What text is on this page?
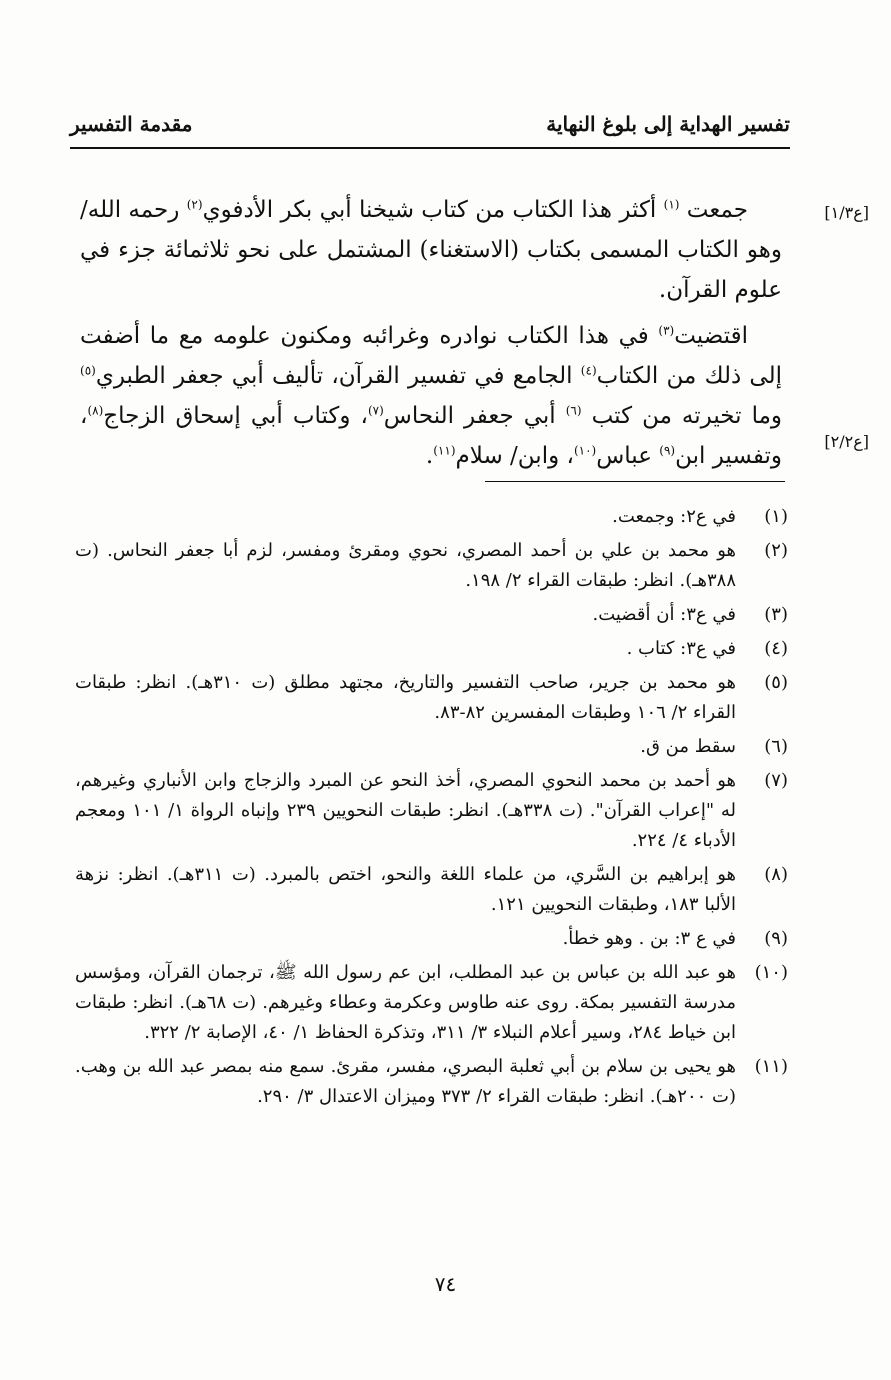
تفسير الهداية إلى بلوغ النهاية
مقدمة التفسير
[ع١/٣]
[ع٢/٢]

جمعت $^{(١)}$ أكثر هذا الكتاب من كتاب شيخنا أبي بكر الأدفوي$^{(٢)}$ رحمه الله/ وهو الكتاب المسمى بكتاب (الاستغناء) المشتمل على نحو ثلاثمائة جزء في علوم القرآن.

اقتضيت$^{(٣)}$ في هذا الكتاب نوادره وغرائبه ومكنون علومه مع ما أضفت إلى ذلك من الكتاب$^{(٤)}$ الجامع في تفسير القرآن، تأليف أبي جعفر الطبري$^{(٥)}$ وما تخيرته من كتب $^{(٦)}$ أبي جعفر النحاس$^{(٧)}$، وكتاب أبي إسحاق الزجاج$^{(٨)}$، وتفسير ابن$^{(٩)}$ عباس$^{(١٠)}$، وابن/ سلام$^{(١١)}$.

(١)
في ع٢: وجمعت.
(٢)
هو محمد بن علي بن أحمد المصري، نحوي ومقرئ ومفسر، لزم أبا جعفر النحاس. (ت ٣٨٨هـ). انظر: طبقات القراء ٢/ ١٩٨.
(٣)
في ع٣: أن أقضيت.
(٤)
في ع٣: كتاب .
(٥)
هو محمد بن جرير، صاحب التفسير والتاريخ، مجتهد مطلق (ت ٣١٠هـ). انظر: طبقات القراء ٢/ ١٠٦ وطبقات المفسرين ٨٢-٨٣.
(٦)
سقط من ق.
(٧)
هو أحمد بن محمد النحوي المصري، أخذ النحو عن المبرد والزجاج وابن الأنباري وغيرهم، له "إعراب القرآن". (ت ٣٣٨هـ). انظر: طبقات النحويين ٢٣٩ وإنباه الرواة ١/ ١٠١ ومعجم الأدباء ٤/ ٢٢٤.
(٨)
هو إبراهيم بن السَّري، من علماء اللغة والنحو، اختص بالمبرد. (ت ٣١١هـ). انظر: نزهة الألبا ١٨٣، وطبقات النحويين ١٢١.
(٩)
في ع ٣: بن . وهو خطأ.
(١٠)
هو عبد الله بن عباس بن عبد المطلب، ابن عم رسول الله ﷺ، ترجمان القرآن، ومؤسس مدرسة التفسير بمكة. روى عنه طاوس وعكرمة وعطاء وغيرهم. (ت ٦٨هـ). انظر: طبقات ابن خياط ٢٨٤، وسير أعلام النبلاء ٣/ ٣١١، وتذكرة الحفاظ ١/ ٤٠، الإصابة ٢/ ٣٢٢.
(١١)
هو يحيى بن سلام بن أبي ثعلبة البصري، مفسر، مقرئ. سمع منه بمصر عبد الله بن وهب. (ت ٢٠٠هـ). انظر: طبقات القراء ٢/ ٣٧٣ وميزان الاعتدال ٣/ ٢٩٠.
٧٤
